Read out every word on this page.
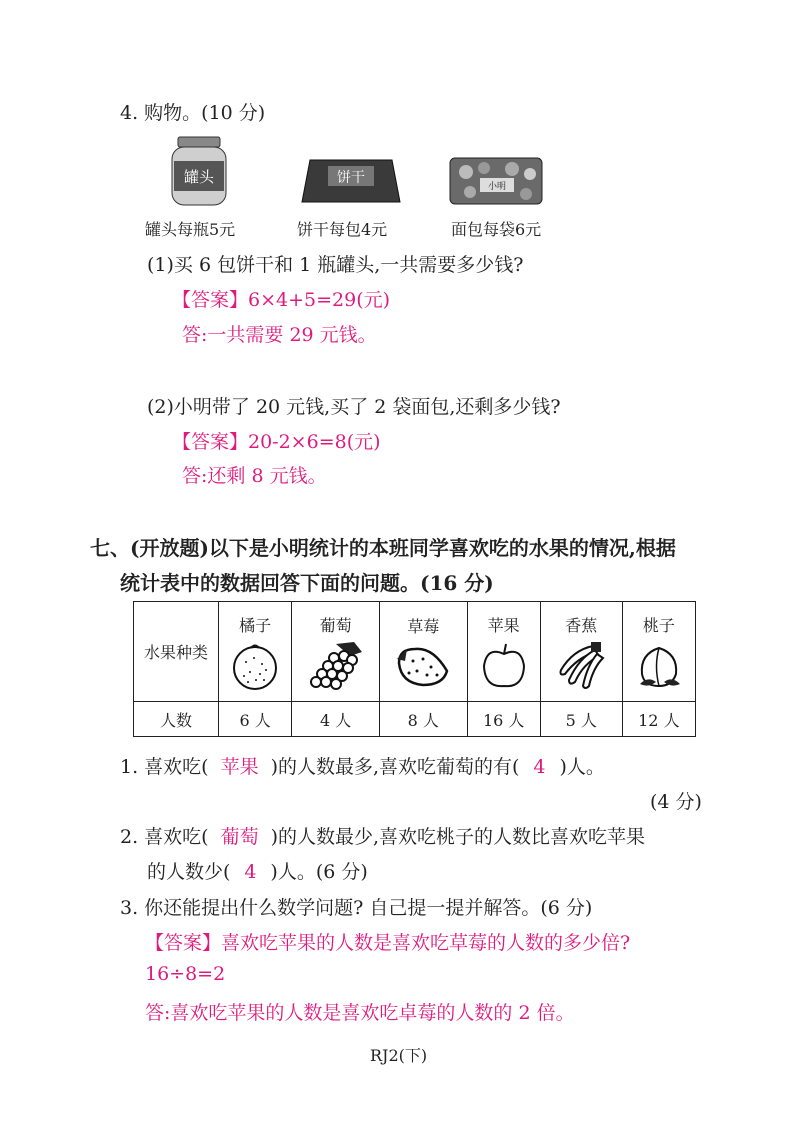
4. 购物。(10 分)
罐头	饼干
小明
罐头每瓶5元	饼干每包4元	面包每袋6元
(1)买 6 包饼干和 1 瓶罐头,一共需要多少钱?
【答案】6×4+5=29(元)
答:一共需要 29 元钱。
(2)小明带了 20 元钱,买了 2 袋面包,还剩多少钱?
【答案】20-2×6=8(元)
答:还剩 8 元钱。
七、(开放题)以下是小明统计的本班同学喜欢吃的水果的情况,根据
统计表中的数据回答下面的问题。(16 分)
水果种类	橘子	葡萄	草莓	苹果	香蕉	桃子

人数	6 人	4 人	8 人	16 人	5 人	12 人
1. 喜欢吃( 苹果 )的人数最多,喜欢吃葡萄的有( 4 )人。
(4 分)
2. 喜欢吃( 葡萄 )的人数最少,喜欢吃桃子的人数比喜欢吃苹果
的人数少( 4 )人。(6 分)
3. 你还能提出什么数学问题? 自己提一提并解答。(6 分)
【答案】喜欢吃苹果的人数是喜欢吃草莓的人数的多少倍?
16÷8=2
答:喜欢吃苹果的人数是喜欢吃卓莓的人数的 2 倍。
RJ2(下)
